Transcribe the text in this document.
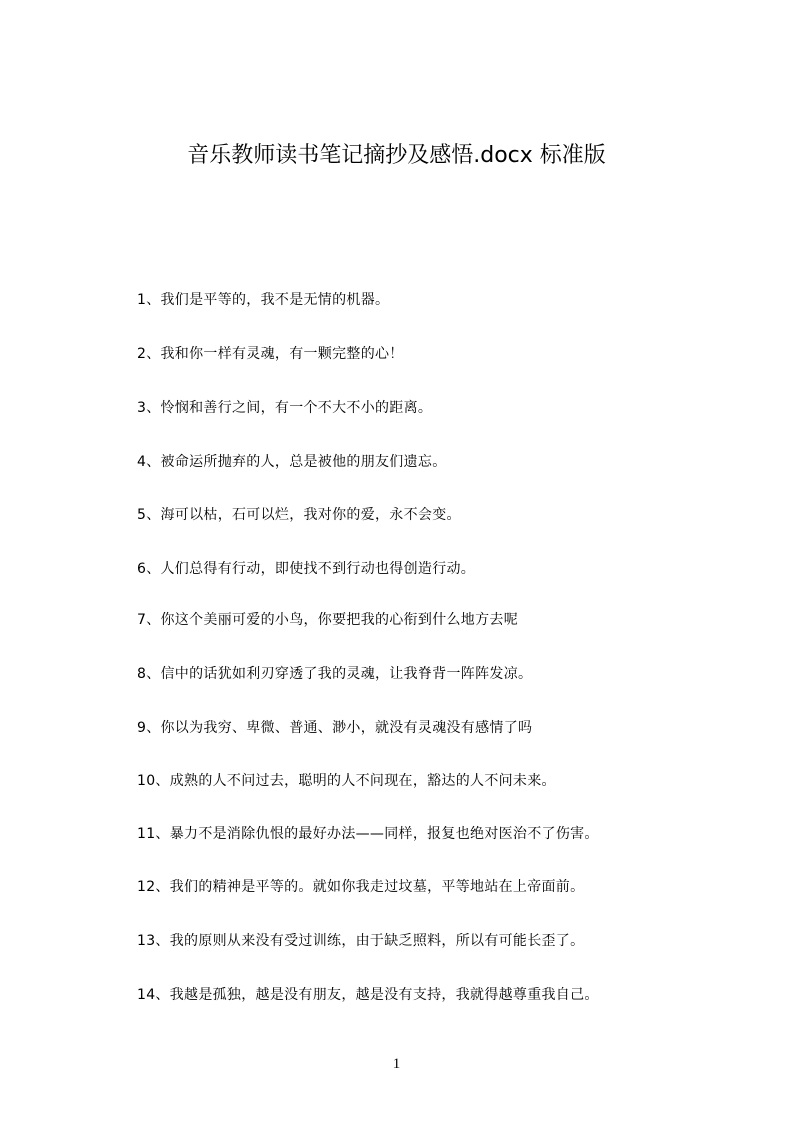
音乐教师读书笔记摘抄及感悟.docx 标准版
1、我们是平等的，我不是无情的机器。
2、我和你一样有灵魂，有一颗完整的心！
3、怜悯和善行之间，有一个不大不小的距离。
4、被命运所抛弃的人，总是被他的朋友们遗忘。
5、海可以枯，石可以烂，我对你的爱，永不会变。
6、人们总得有行动，即使找不到行动也得创造行动。
7、你这个美丽可爱的小鸟，你要把我的心衔到什么地方去呢
8、信中的话犹如利刃穿透了我的灵魂，让我脊背一阵阵发凉。
9、你以为我穷、卑微、普通、渺小，就没有灵魂没有感情了吗
10、成熟的人不问过去，聪明的人不问现在，豁达的人不问未来。
11、暴力不是消除仇恨的最好办法——同样，报复也绝对医治不了伤害。
12、我们的精神是平等的。就如你我走过坟墓，平等地站在上帝面前。
13、我的原则从来没有受过训练，由于缺乏照料，所以有可能长歪了。
14、我越是孤独，越是没有朋友，越是没有支持，我就得越尊重我自己。
1
